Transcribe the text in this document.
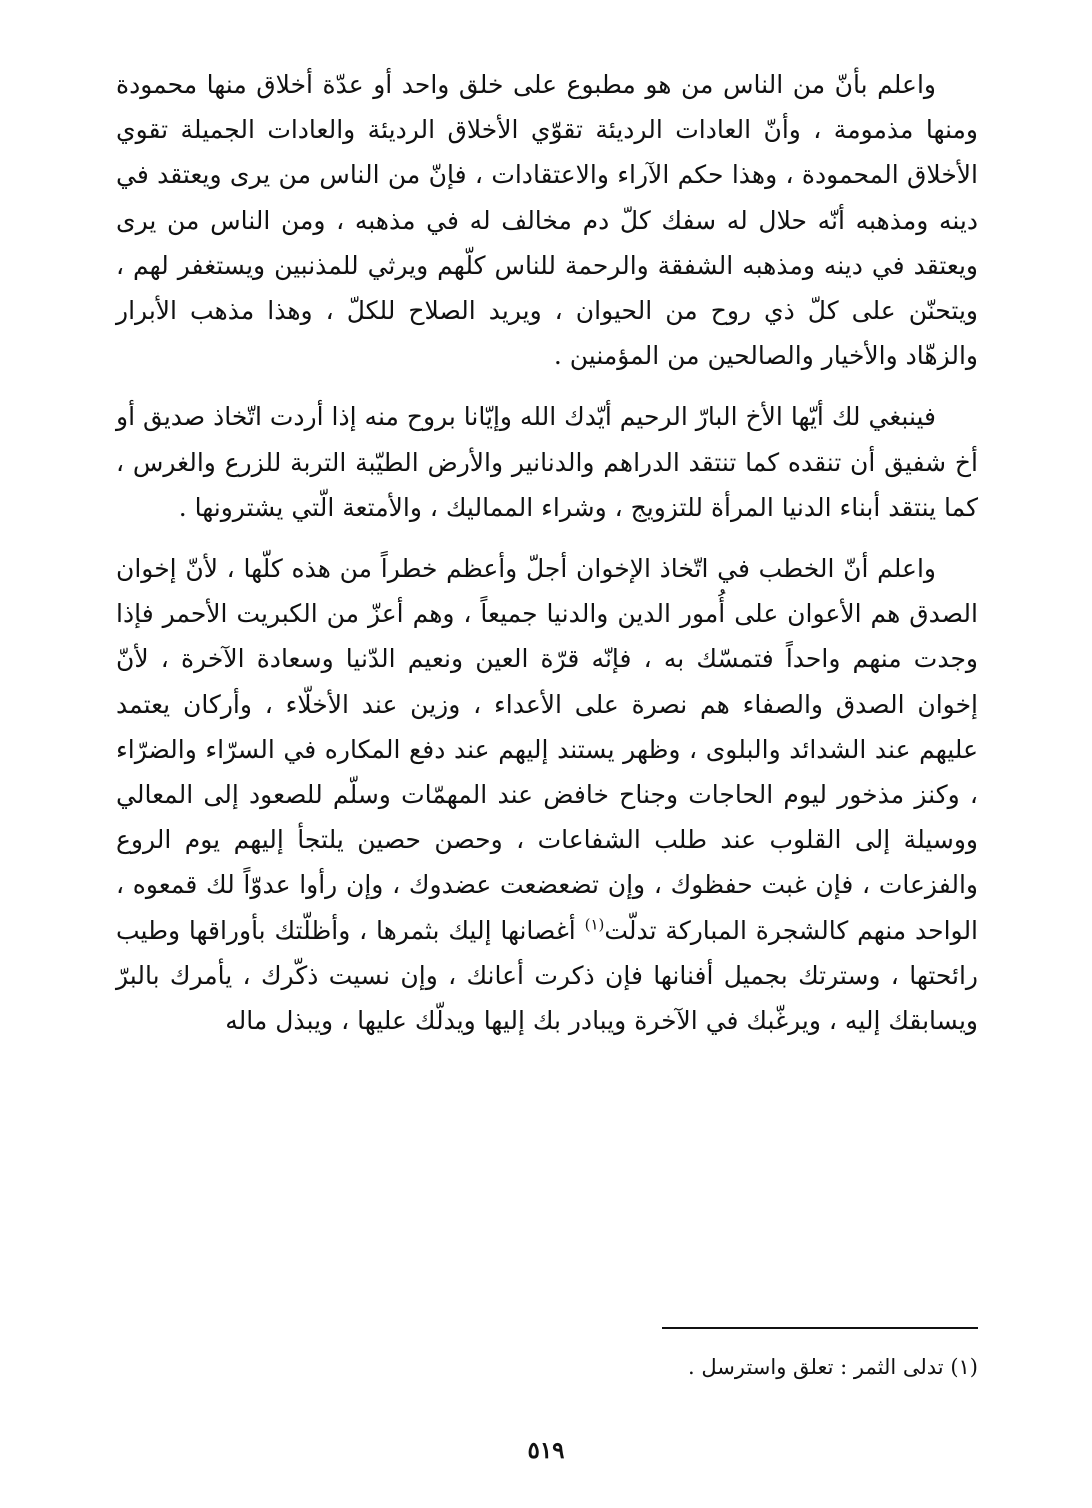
واعلم بأنّ من الناس من هو مطبوع على خلق واحد أو عدّة أخلاق منها محمودة ومنها مذمومة ، وأنّ العادات الرديئة تقوّي الأخلاق الرديئة والعادات الجميلة تقوي الأخلاق المحمودة ، وهذا حكم الآراء والاعتقادات ، فإنّ من الناس من يرى ويعتقد في دينه ومذهبه أنّه حلال له سفك كلّ دم مخالف له في مذهبه ، ومن الناس من يرى ويعتقد في دينه ومذهبه الشفقة والرحمة للناس كلّهم ويرثي للمذنبين ويستغفر لهم ، ويتحنّن على كلّ ذي روح من الحيوان ، ويريد الصلاح للكلّ ، وهذا مذهب الأبرار والزهّاد والأخيار والصالحين من المؤمنين .

فينبغي لك أيّها الأخ البارّ الرحيم أيّدك الله وإيّانا بروح منه إذا أردت اتّخاذ صديق أو أخ شفيق أن تنقده كما تنتقد الدراهم والدنانير والأرض الطيّبة التربة للزرع والغرس ، كما ينتقد أبناء الدنيا المرأة للتزويج ، وشراء المماليك ، والأمتعة الّتي يشترونها .

واعلم أنّ الخطب في اتّخاذ الإخوان أجلّ وأعظم خطراً من هذه كلّها ، لأنّ إخوان الصدق هم الأعوان على أُمور الدين والدنيا جميعاً ، وهم أعزّ من الكبريت الأحمر فإذا وجدت منهم واحداً فتمسّك به ، فإنّه قرّة العين ونعيم الدّنيا وسعادة الآخرة ، لأنّ إخوان الصدق والصفاء هم نصرة على الأعداء ، وزين عند الأخلّاء ، وأركان يعتمد عليهم عند الشدائد والبلوى ، وظهر يستند إليهم عند دفع المكاره في السرّاء والضرّاء ، وكنز مذخور ليوم الحاجات وجناح خافض عند المهمّات وسلّم للصعود إلى المعالي ووسيلة إلى القلوب عند طلب الشفاعات ، وحصن حصين يلتجأ إليهم يوم الروع والفزعات ، فإن غبت حفظوك ، وإن تضعضعت عضدوك ، وإن رأوا عدوّاً لك قمعوه ، الواحد منهم كالشجرة المباركة تدلّت$^{(١)}$ أغصانها إليك بثمرها ، وأظلّتك بأوراقها وطيب رائحتها ، وسترتك بجميل أفنانها فإن ذكرت أعانك ، وإن نسيت ذكّرك ، يأمرك بالبرّ ويسابقك إليه ، ويرغّبك في الآخرة ويبادر بك إليها ويدلّك عليها ، ويبذل ماله

(١) تدلى الثمر : تعلق واسترسل .
٥١٩
